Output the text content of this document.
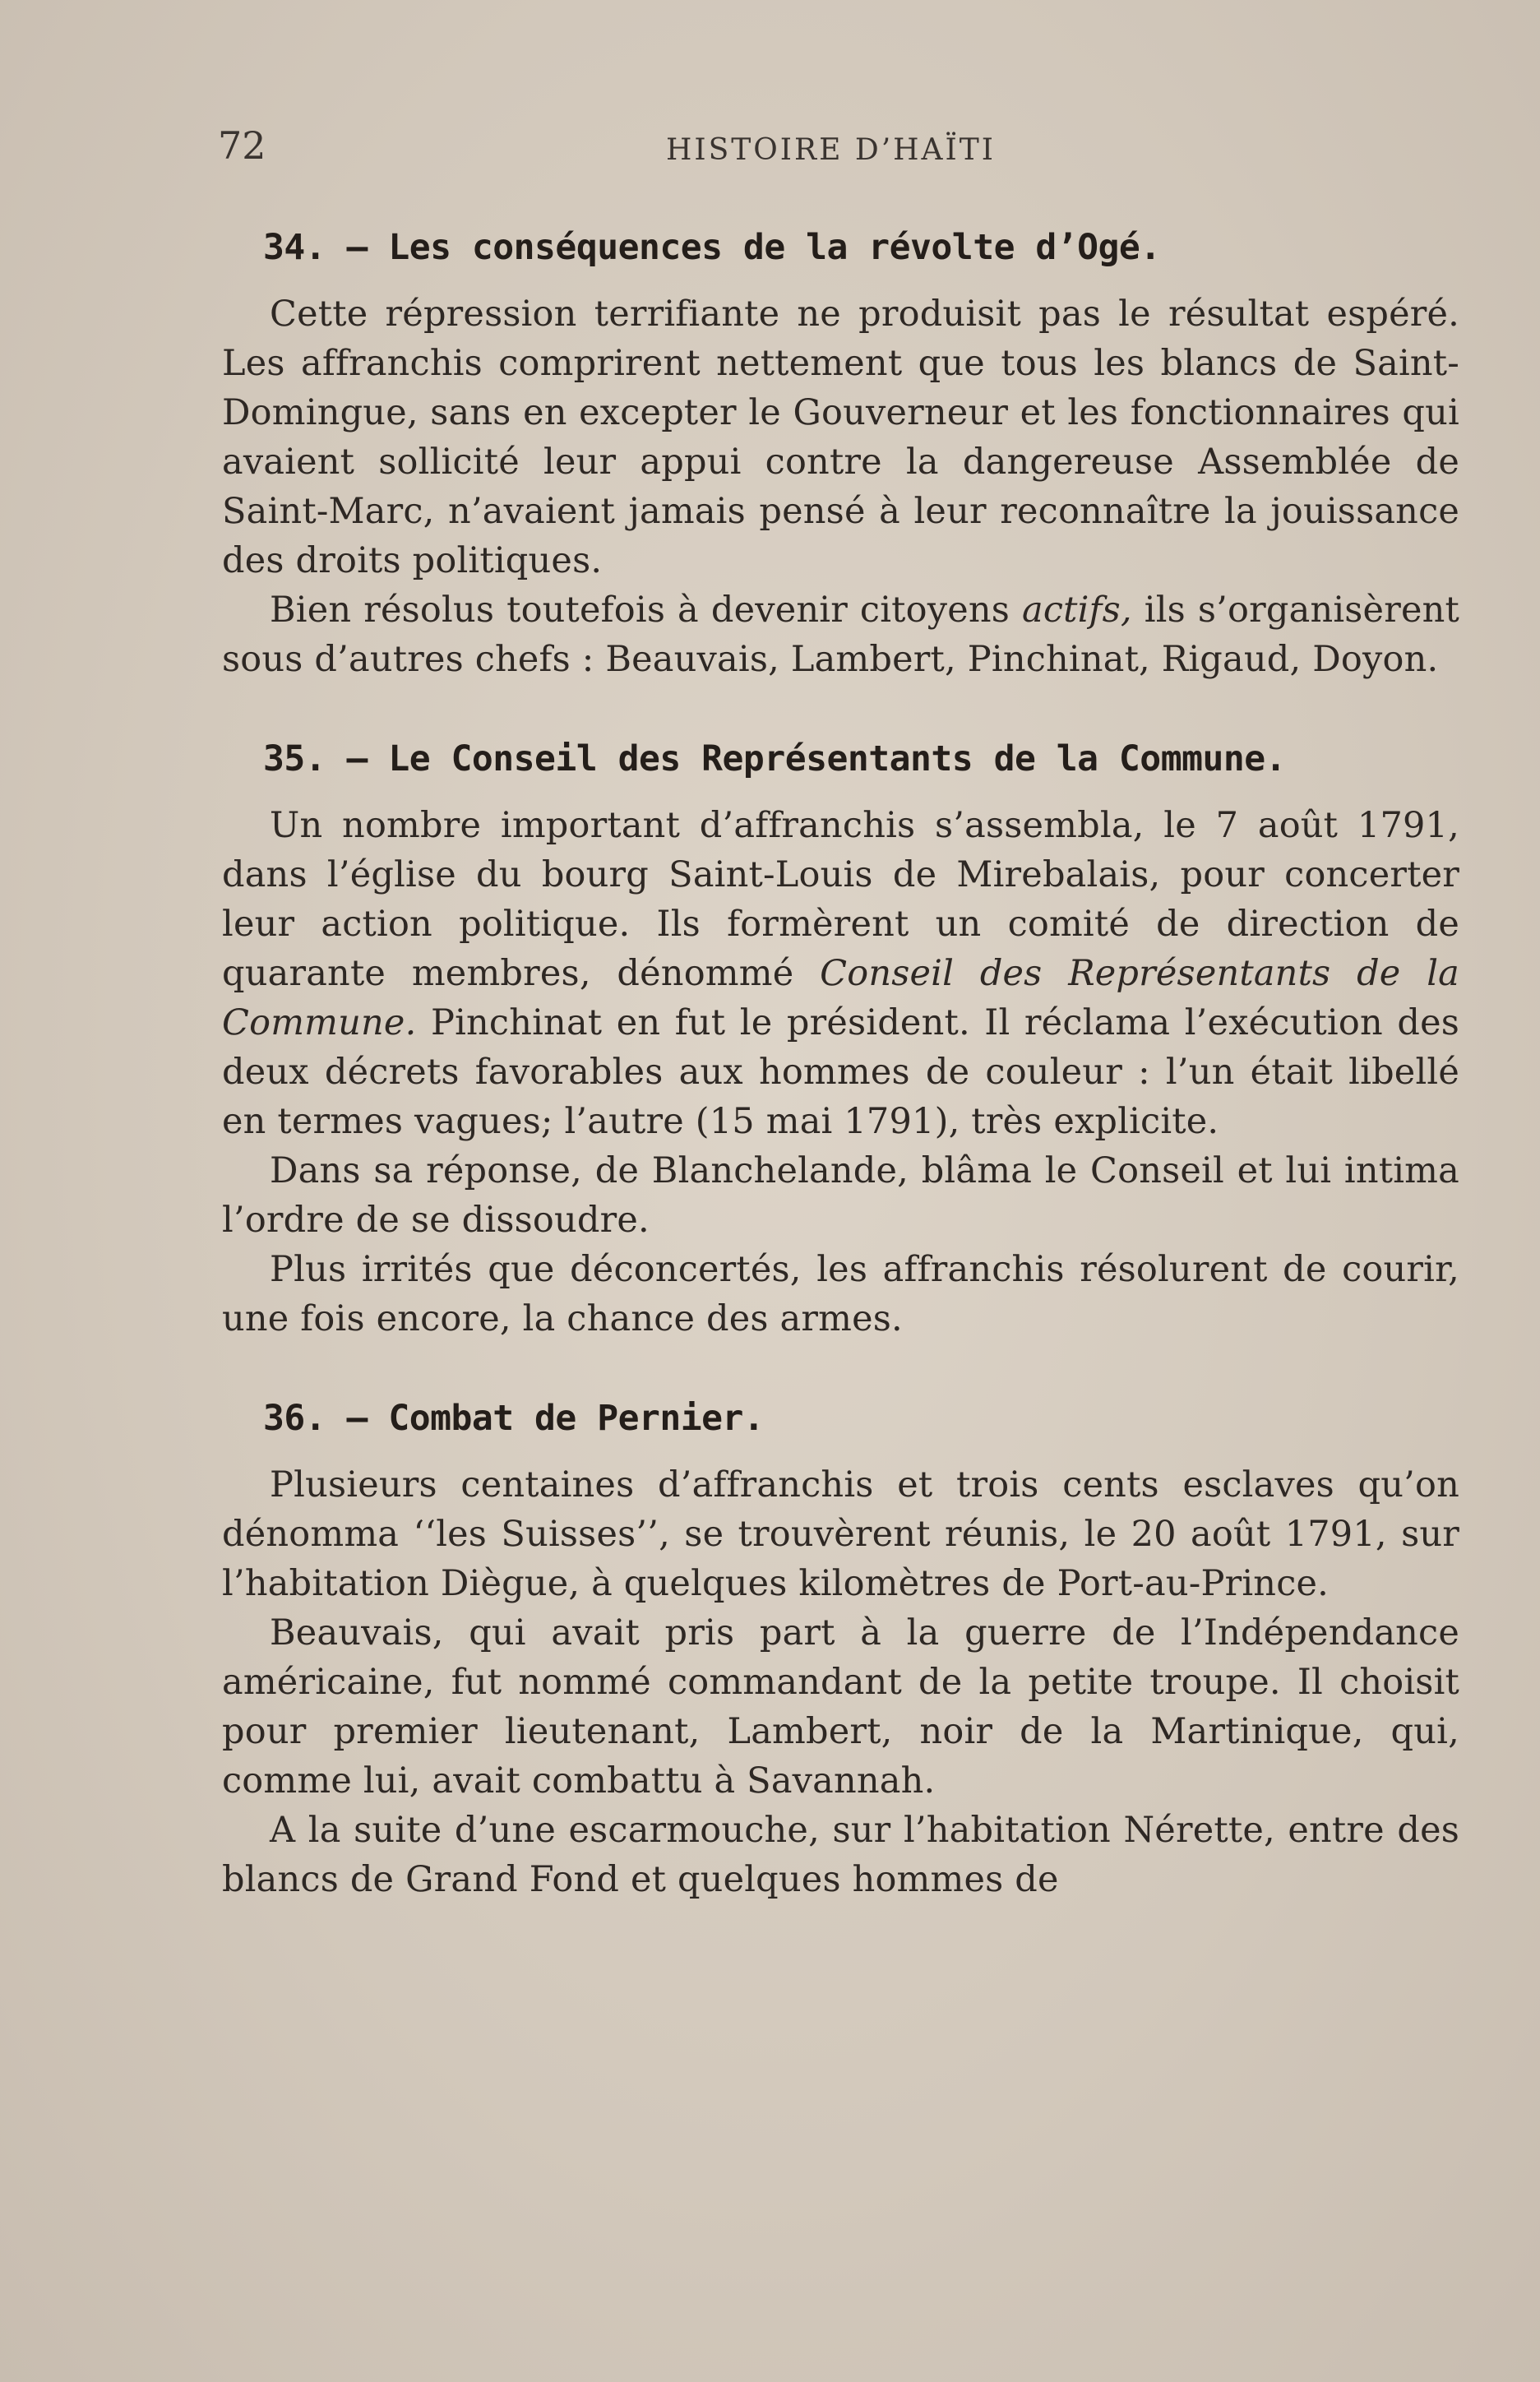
72	HISTOIRE D’HAÏTI
34. — Les conséquences de la révolte d’Ogé.

Cette répression terrifiante ne produisit pas le résultat espéré. Les affranchis comprirent nettement que tous les blancs de Saint-Domingue, sans en excepter le Gouverneur et les fonctionnaires qui avaient sollicité leur appui contre la dangereuse Assemblée de Saint-Marc, n’avaient jamais pensé à leur reconnaître la jouissance des droits politiques.

Bien résolus toutefois à devenir citoyens actifs, ils s’organisèrent sous d’autres chefs : Beauvais, Lambert, Pinchinat, Rigaud, Doyon.

35. — Le Conseil des Représentants de la Commune.

Un nombre important d’affranchis s’assembla, le 7 août 1791, dans l’église du bourg Saint-Louis de Mirebalais, pour concerter leur action politique. Ils formèrent un comité de direction de quarante membres, dénommé Conseil des Représentants de la Commune. Pinchinat en fut le président. Il réclama l’exécution des deux décrets favorables aux hommes de couleur : l’un était libellé en termes vagues; l’autre (15 mai 1791), très explicite.

Dans sa réponse, de Blanchelande, blâma le Conseil et lui intima l’ordre de se dissoudre.

Plus irrités que déconcertés, les affranchis résolurent de courir, une fois encore, la chance des armes.

36. — Combat de Pernier.

Plusieurs centaines d’affranchis et trois cents esclaves qu’on dénomma ‘‘les Suisses’’, se trouvèrent réunis, le 20 août 1791, sur l’habitation Diègue, à quelques kilomètres de Port-au-Prince.

Beauvais, qui avait pris part à la guerre de l’Indépendance américaine, fut nommé commandant de la petite troupe. Il choisit pour premier lieutenant, Lambert, noir de la Martinique, qui, comme lui, avait combattu à Savannah.

A la suite d’une escarmouche, sur l’habitation Nérette, entre des blancs de Grand Fond et quelques hommes de
